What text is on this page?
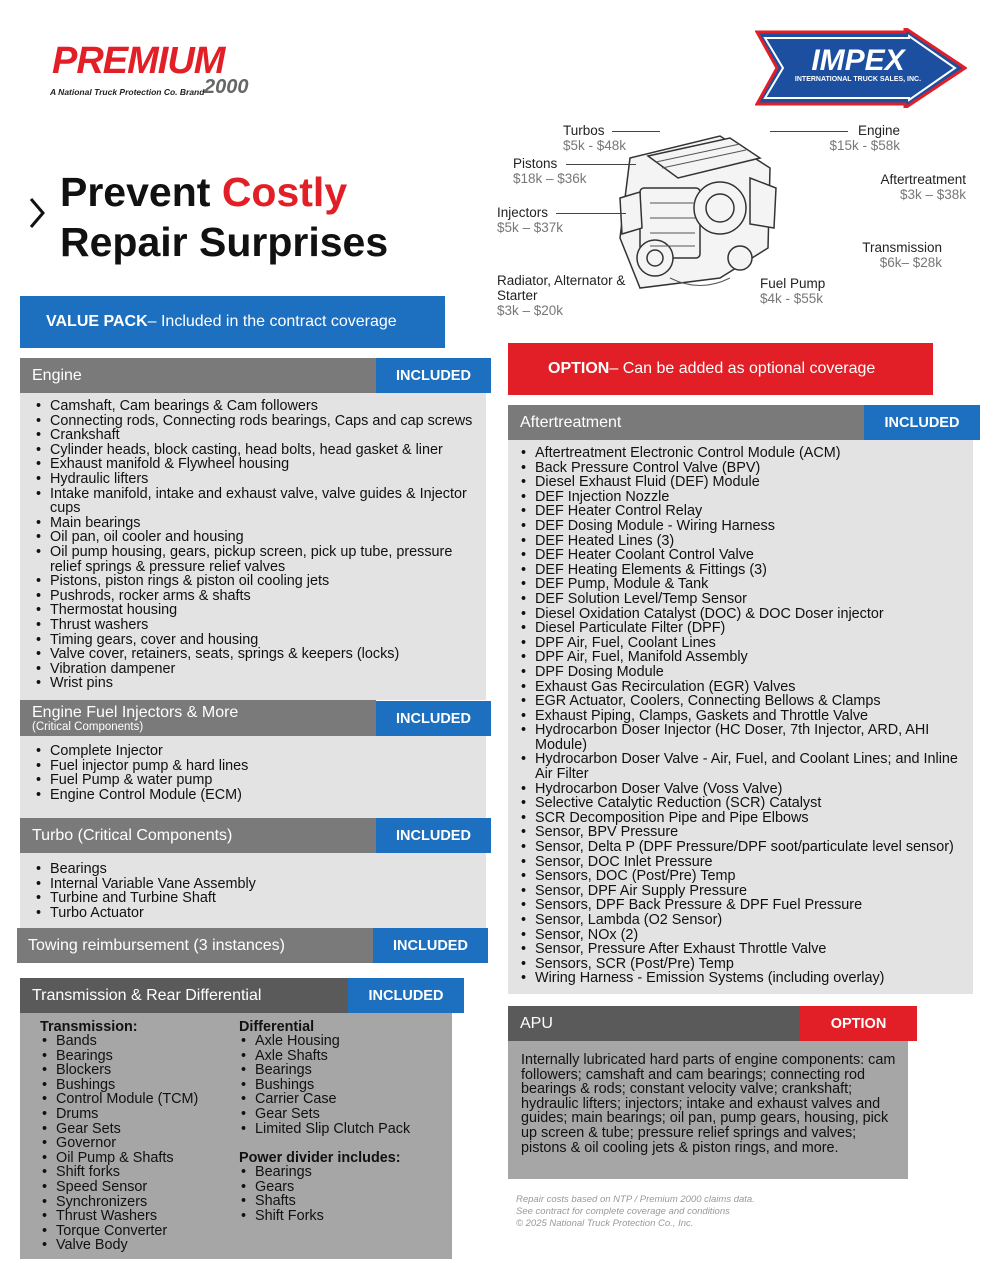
PREMIUM
2000
A National Truck Protection Co. Brand
IMPEX
INTERNATIONAL TRUCK SALES, INC.
Prevent Costly
Repair Surprises
Turbos
$5k - $48k
Engine
$15k - $58k
Pistons
$18k – $36k	Aftertreatment
$3k – $38k
Injectors
$5k – $37k
Transmission
$6k– $28k
Fuel Pump
$4k - $55k
Radiator, Alternator &
Starter
$3k – $20k
VALUE PACK – Included in the contract coverage
OPTION – Can be added as optional coverage
Engine	INCLUDED
• Camshaft, Cam bearings & Cam followers
• Connecting rods, Connecting rods bearings, Caps and cap screws
• Crankshaft
• Cylinder heads, block casting, head bolts, head gasket & liner
• Exhaust manifold & Flywheel housing
• Hydraulic lifters
• Intake manifold, intake and exhaust valve, valve guides & Injector cups
• Main bearings
• Oil pan, oil cooler and housing
• Oil pump housing, gears, pickup screen, pick up tube, pressure relief springs & pressure relief valves
• Pistons, piston rings & piston oil cooling jets
• Pushrods, rocker arms & shafts
• Thermostat housing
• Thrust washers
• Timing gears, cover and housing
• Valve cover, retainers, seats, springs & keepers (locks)
• Vibration dampener
• Wrist pins
Engine Fuel Injectors & More
(Critical Components)	INCLUDED
• Complete Injector
• Fuel injector pump & hard lines
• Fuel Pump & water pump
• Engine Control Module (ECM)
Turbo (Critical Components)	INCLUDED
• Bearings
• Internal Variable Vane Assembly
• Turbine and Turbine Shaft
• Turbo Actuator
Towing reimbursement (3 instances)	INCLUDED
Transmission & Rear Differential	INCLUDED
Transmission:
• Bands
• Bearings
• Blockers
• Bushings
• Control Module (TCM)
• Drums
• Gear Sets
• Governor
• Oil Pump & Shafts
• Shift forks
• Speed Sensor
• Synchronizers
• Thrust Washers
• Torque Converter
• Valve Body
Differential
• Axle Housing
• Axle Shafts
• Bearings
• Bushings
• Carrier Case
• Gear Sets
• Limited Slip Clutch Pack
Power divider includes:
• Bearings
• Gears
• Shafts
• Shift Forks
Aftertreatment	INCLUDED
• Aftertreatment Electronic Control Module (ACM)
• Back Pressure Control Valve (BPV)
• Diesel Exhaust Fluid (DEF) Module
• DEF Injection Nozzle
• DEF Heater Control Relay
• DEF Dosing Module - Wiring Harness
• DEF Heated Lines (3)
• DEF Heater Coolant Control Valve
• DEF Heating Elements & Fittings (3)
• DEF Pump, Module & Tank
• DEF Solution Level/Temp Sensor
• Diesel Oxidation Catalyst (DOC) & DOC Doser injector
• Diesel Particulate Filter (DPF)
• DPF Air, Fuel, Coolant Lines
• DPF Air, Fuel, Manifold Assembly
• DPF Dosing Module
• Exhaust Gas Recirculation (EGR) Valves
• EGR Actuator, Coolers, Connecting Bellows & Clamps
• Exhaust Piping, Clamps, Gaskets and Throttle Valve
• Hydrocarbon Doser Injector (HC Doser, 7th Injector, ARD, AHI Module)
• Hydrocarbon Doser Valve - Air, Fuel, and Coolant Lines; and Inline Air Filter
• Hydrocarbon Doser Valve (Voss Valve)
• Selective Catalytic Reduction (SCR) Catalyst
• SCR Decomposition Pipe and Pipe Elbows
• Sensor, BPV Pressure
• Sensor, Delta P (DPF Pressure/DPF soot/particulate level sensor)
• Sensor, DOC Inlet Pressure
• Sensors, DOC (Post/Pre) Temp
• Sensor, DPF Air Supply Pressure
• Sensors, DPF Back Pressure & DPF Fuel Pressure
• Sensor, Lambda (O2 Sensor)
• Sensor, NOx (2)
• Sensor, Pressure After Exhaust Throttle Valve
• Sensors, SCR (Post/Pre) Temp
• Wiring Harness - Emission Systems (including overlay)
APU	OPTION
Internally lubricated hard parts of engine components: cam followers; camshaft and cam bearings; connecting rod bearings & rods; constant velocity valve; crankshaft; hydraulic lifters; injectors; intake and exhaust valves and guides; main bearings; oil pan, pump gears, housing, pick up screen & tube; pressure relief springs and valves; pistons & oil cooling jets & piston rings, and more.
Repair costs based on NTP / Premium 2000 claims data.
See contract for complete coverage and conditions
© 2025 National Truck Protection Co., Inc.
